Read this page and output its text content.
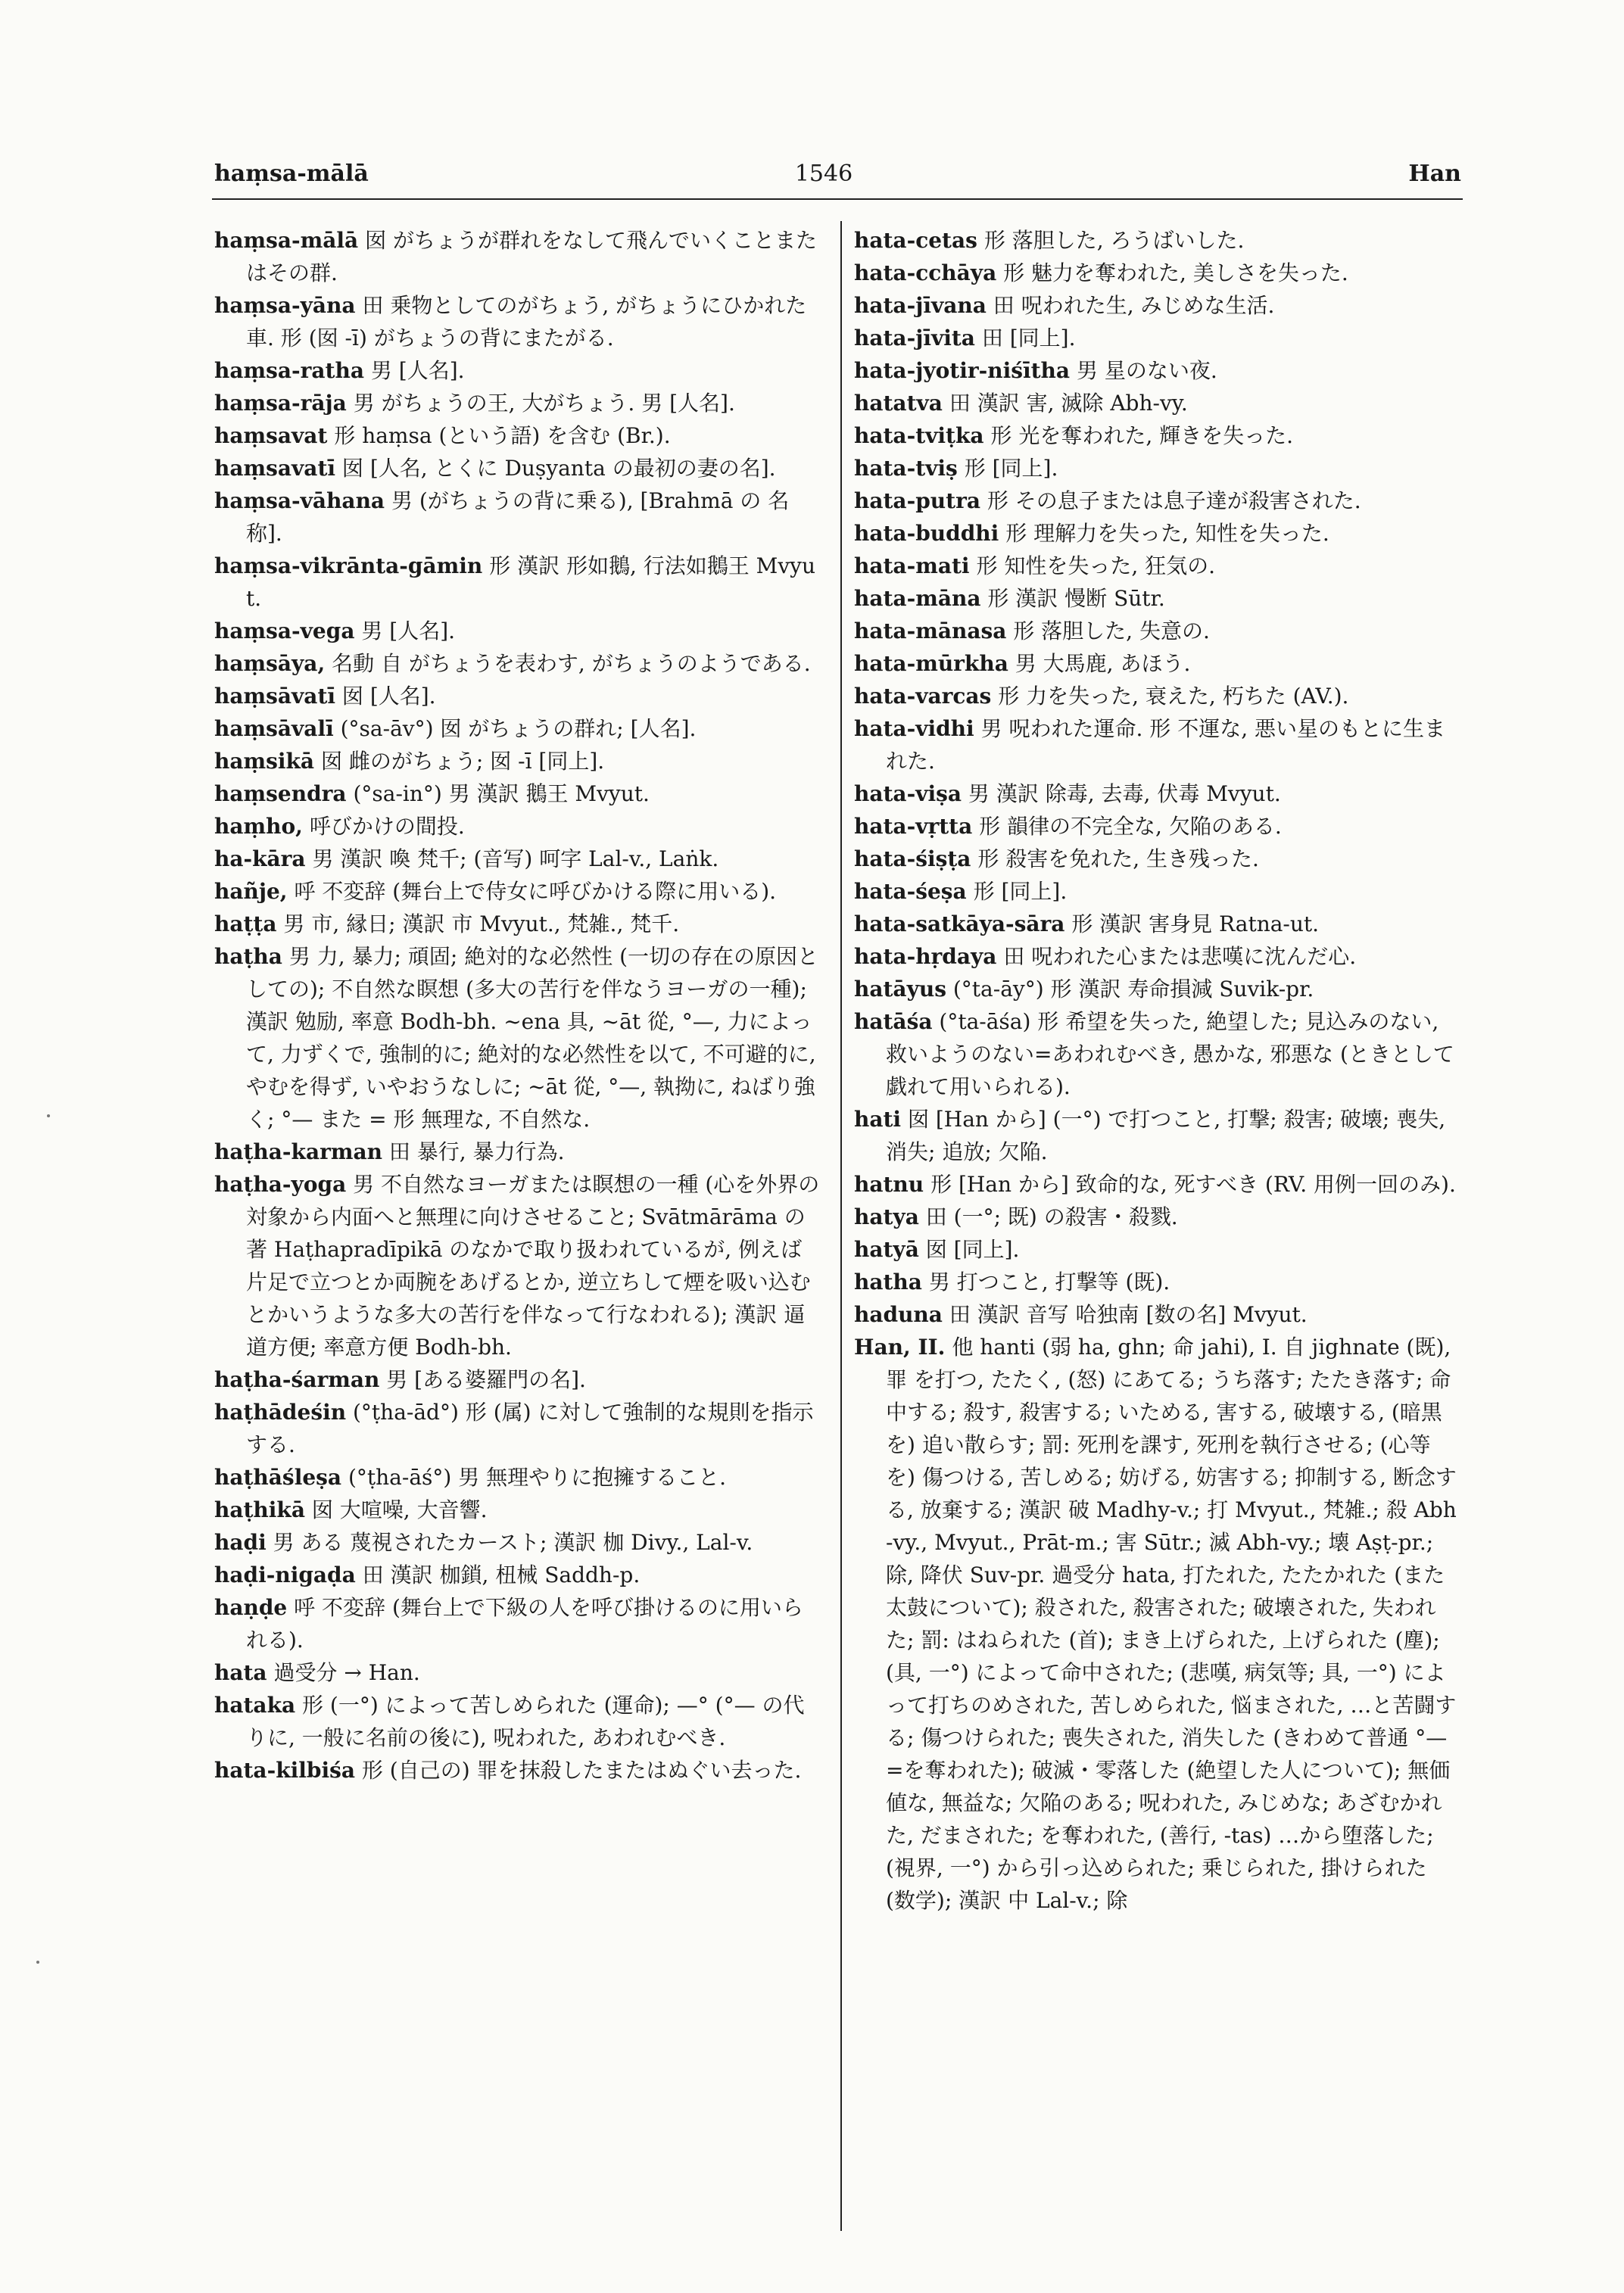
haṃsa-mālā	1546	Han
haṃsa-mālā 囡 がちょうが群れをなして飛んでいくことまたはその群.
haṃsa-yāna 田 乗物としてのがちょう, がちょうにひかれた車. 形 (囡 -ī) がちょうの背にまたがる.
haṃsa-ratha 男 [人名].
haṃsa-rāja 男 がちょうの王, 大がちょう. 男 [人名].
haṃsavat 形 haṃsa (という語) を含む (Br.).
haṃsavatī 囡 [人名, とくに Duṣyanta の最初の妻の名].
haṃsa-vāhana 男 (がちょうの背に乗る), [Brahmā の 名称].
haṃsa-vikrānta-gāmin 形 漢訳 形如鵝, 行法如鵝王 Mvyut.
haṃsa-vega 男 [人名].
haṃsāya, 名動 自 がちょうを表わす, がちょうのようである.
haṃsāvatī 囡 [人名].
haṃsāvalī (°sa-āv°) 囡 がちょうの群れ; [人名].
haṃsikā 囡 雌のがちょう; 囡 -ī [同上].
haṃsendra (°sa-in°) 男 漢訳 鵝王 Mvyut.
haṃho, 呼びかけの間投.
ha-kāra 男 漢訳 喚 梵千; (音写) 呵字 Lal-v., Laṅk.
hañje, 呼 不変辞 (舞台上で侍女に呼びかける際に用いる).
haṭṭa 男 市, 縁日; 漢訳 市 Mvyut., 梵雑., 梵千.
haṭha 男 力, 暴力; 頑固; 絶対的な必然性 (一切の存在の原因としての); 不自然な瞑想 (多大の苦行を伴なうヨーガの一種); 漢訳 勉励, 率意 Bodh-bh. ~ena 具, ~āt 從, °—, 力によって, 力ずくで, 強制的に; 絶対的な必然性を以て, 不可避的に, やむを得ず, いやおうなしに; ~āt 從, °—, 執拗に, ねばり強く; °— また = 形 無理な, 不自然な.
haṭha-karman 田 暴行, 暴力行為.
haṭha-yoga 男 不自然なヨーガまたは瞑想の一種 (心を外界の対象から内面へと無理に向けさせること; Svātmārāma の著 Haṭhapradīpikā のなかで取り扱われているが, 例えば片足で立つとか両腕をあげるとか, 逆立ちして煙を吸い込むとかいうような多大の苦行を伴なって行なわれる); 漢訳 逼道方便; 率意方便 Bodh-bh.
haṭha-śarman 男 [ある婆羅門の名].
haṭhādeśin (°ṭha-ād°) 形 (属) に対して強制的な規則を指示する.
haṭhāśleṣa (°ṭha-āś°) 男 無理やりに抱擁すること.
haṭhikā 囡 大喧噪, 大音響.
haḍi 男 ある 蔑視されたカースト; 漢訳 枷 Divy., Lal-v.
haḍi-nigaḍa 田 漢訳 枷鎖, 杻械 Saddh-p.
haṇḍe 呼 不変辞 (舞台上で下級の人を呼び掛けるのに用いられる).
hata 過受分 → Han.
hataka 形 (一°) によって苦しめられた (運命); —° (°— の代りに, 一般に名前の後に), 呪われた, あわれむべき.
hata-kilbiśa 形 (自己の) 罪を抹殺したまたはぬぐい去った.
hata-cetas 形 落胆した, ろうばいした.
hata-cchāya 形 魅力を奪われた, 美しさを失った.
hata-jīvana 田 呪われた生, みじめな生活.
hata-jīvita 田 [同上].
hata-jyotir-niśītha 男 星のない夜.
hatatva 田 漢訳 害, 滅除 Abh-vy.
hata-tviṭka 形 光を奪われた, 輝きを失った.
hata-tviṣ 形 [同上].
hata-putra 形 その息子または息子達が殺害された.
hata-buddhi 形 理解力を失った, 知性を失った.
hata-mati 形 知性を失った, 狂気の.
hata-māna 形 漢訳 慢断 Sūtr.
hata-mānasa 形 落胆した, 失意の.
hata-mūrkha 男 大馬鹿, あほう.
hata-varcas 形 力を失った, 衰えた, 朽ちた (AV.).
hata-vidhi 男 呪われた運命. 形 不運な, 悪い星のもとに生まれた.
hata-viṣa 男 漢訳 除毒, 去毒, 伏毒 Mvyut.
hata-vṛtta 形 韻律の不完全な, 欠陥のある.
hata-śiṣṭa 形 殺害を免れた, 生き残った.
hata-śeṣa 形 [同上].
hata-satkāya-sāra 形 漢訳 害身見 Ratna-ut.
hata-hṛdaya 田 呪われた心または悲嘆に沈んだ心.
hatāyus (°ta-āy°) 形 漢訳 寿命損減 Suvik-pr.
hatāśa (°ta-āśa) 形 希望を失った, 絶望した; 見込みのない, 救いようのない=あわれむべき, 愚かな, 邪悪な (ときとして戯れて用いられる).
hati 囡 [Han から] (一°) で打つこと, 打撃; 殺害; 破壊; 喪失, 消失; 追放; 欠陥.
hatnu 形 [Han から] 致命的な, 死すべき (RV. 用例一回のみ).
hatya 田 (一°; 既) の殺害・殺戮.
hatyā 囡 [同上].
hatha 男 打つこと, 打撃等 (既).
haduna 田 漢訳 音写 哈独南 [数の名] Mvyut.
Han, II. 他 hanti (弱 ha, ghn; 命 jahi), I. 自 jighnate (既), 罪 を打つ, たたく, (怒) にあてる; うち落す; たたき落す; 命中する; 殺す, 殺害する; いためる, 害する, 破壊する, (暗黒を) 追い散らす; 罰: 死刑を課す, 死刑を執行させる; (心等を) 傷つける, 苦しめる; 妨げる, 妨害する; 抑制する, 断念する, 放棄する; 漢訳 破 Madhy-v.; 打 Mvyut., 梵雑.; 殺 Abh-vy., Mvyut., Prāt-m.; 害 Sūtr.; 滅 Abh-vy.; 壊 Aṣṭ-pr.; 除, 降伏 Suv-pr. 過受分 hata, 打たれた, たたかれた (また太鼓について); 殺された, 殺害された; 破壊された, 失われた; 罰: はねられた (首); まき上げられた, 上げられた (塵); (具, 一°) によって命中された; (悲嘆, 病気等; 具, 一°) によって打ちのめされた, 苦しめられた, 悩まされた, …と苦闘する; 傷つけられた; 喪失された, 消失した (きわめて普通 °— =を奪われた); 破滅・零落した (絶望した人について); 無価値な, 無益な; 欠陥のある; 呪われた, みじめな; あざむかれた, だまされた; を奪われた, (善行, -tas) …から堕落した; (視界, 一°) から引っ込められた; 乗じられた, 掛けられた (数学); 漢訳 中 Lal-v.; 除
